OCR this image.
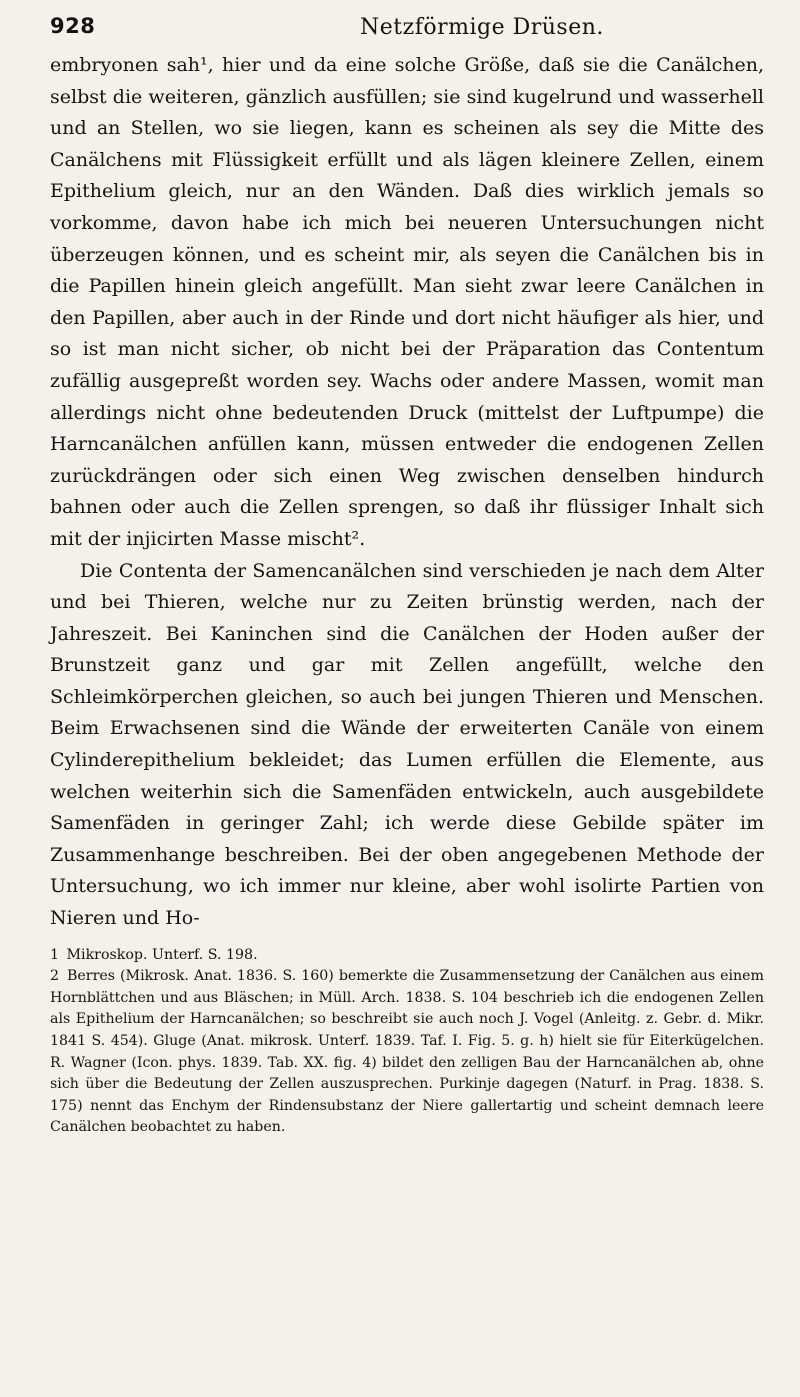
928	Netzförmige Drüsen.

embryonen sah¹, hier und da eine solche Größe, daß sie die Canälchen, selbst die weiteren, gänzlich ausfüllen; sie sind kugelrund und wasserhell und an Stellen, wo sie liegen, kann es scheinen als sey die Mitte des Canälchens mit Flüssigkeit erfüllt und als lägen kleinere Zellen, einem Epithelium gleich, nur an den Wänden. Daß dies wirklich jemals so vorkomme, davon habe ich mich bei neueren Untersuchungen nicht überzeugen können, und es scheint mir, als seyen die Canälchen bis in die Papillen hinein gleich angefüllt. Man sieht zwar leere Canälchen in den Papillen, aber auch in der Rinde und dort nicht häufiger als hier, und so ist man nicht sicher, ob nicht bei der Präparation das Contentum zufällig ausgepreßt worden sey. Wachs oder andere Massen, womit man allerdings nicht ohne bedeutenden Druck (mittelst der Luftpumpe) die Harncanälchen anfüllen kann, müssen entweder die endogenen Zellen zurückdrängen oder sich einen Weg zwischen denselben hindurch bahnen oder auch die Zellen sprengen, so daß ihr flüssiger Inhalt sich mit der injicirten Masse mischt².

Die Contenta der Samencanälchen sind verschieden je nach dem Alter und bei Thieren, welche nur zu Zeiten brünstig werden, nach der Jahreszeit. Bei Kaninchen sind die Canälchen der Hoden außer der Brunstzeit ganz und gar mit Zellen angefüllt, welche den Schleimkörperchen gleichen, so auch bei jungen Thieren und Menschen. Beim Erwachsenen sind die Wände der erweiterten Canäle von einem Cylinderepithelium bekleidet; das Lumen erfüllen die Elemente, aus welchen weiterhin sich die Samenfäden entwickeln, auch ausgebildete Samenfäden in geringer Zahl; ich werde diese Gebilde später im Zusammenhange beschreiben. Bei der oben angegebenen Methode der Untersuchung, wo ich immer nur kleine, aber wohl isolirte Partien von Nieren und Ho-

1 Mikroskop. Unterf. S. 198.

2 Berres (Mikrosk. Anat. 1836. S. 160) bemerkte die Zusammensetzung der Canälchen aus einem Hornblättchen und aus Bläschen; in Müll. Arch. 1838. S. 104 beschrieb ich die endogenen Zellen als Epithelium der Harncanälchen; so beschreibt sie auch noch J. Vogel (Anleitg. z. Gebr. d. Mikr. 1841 S. 454). Gluge (Anat. mikrosk. Unterf. 1839. Taf. I. Fig. 5. g. h) hielt sie für Eiterkügelchen. R. Wagner (Icon. phys. 1839. Tab. XX. fig. 4) bildet den zelligen Bau der Harncanälchen ab, ohne sich über die Bedeutung der Zellen auszusprechen. Purkinje dagegen (Naturf. in Prag. 1838. S. 175) nennt das Enchym der Rindensubstanz der Niere gallertartig und scheint demnach leere Canälchen beobachtet zu haben.
